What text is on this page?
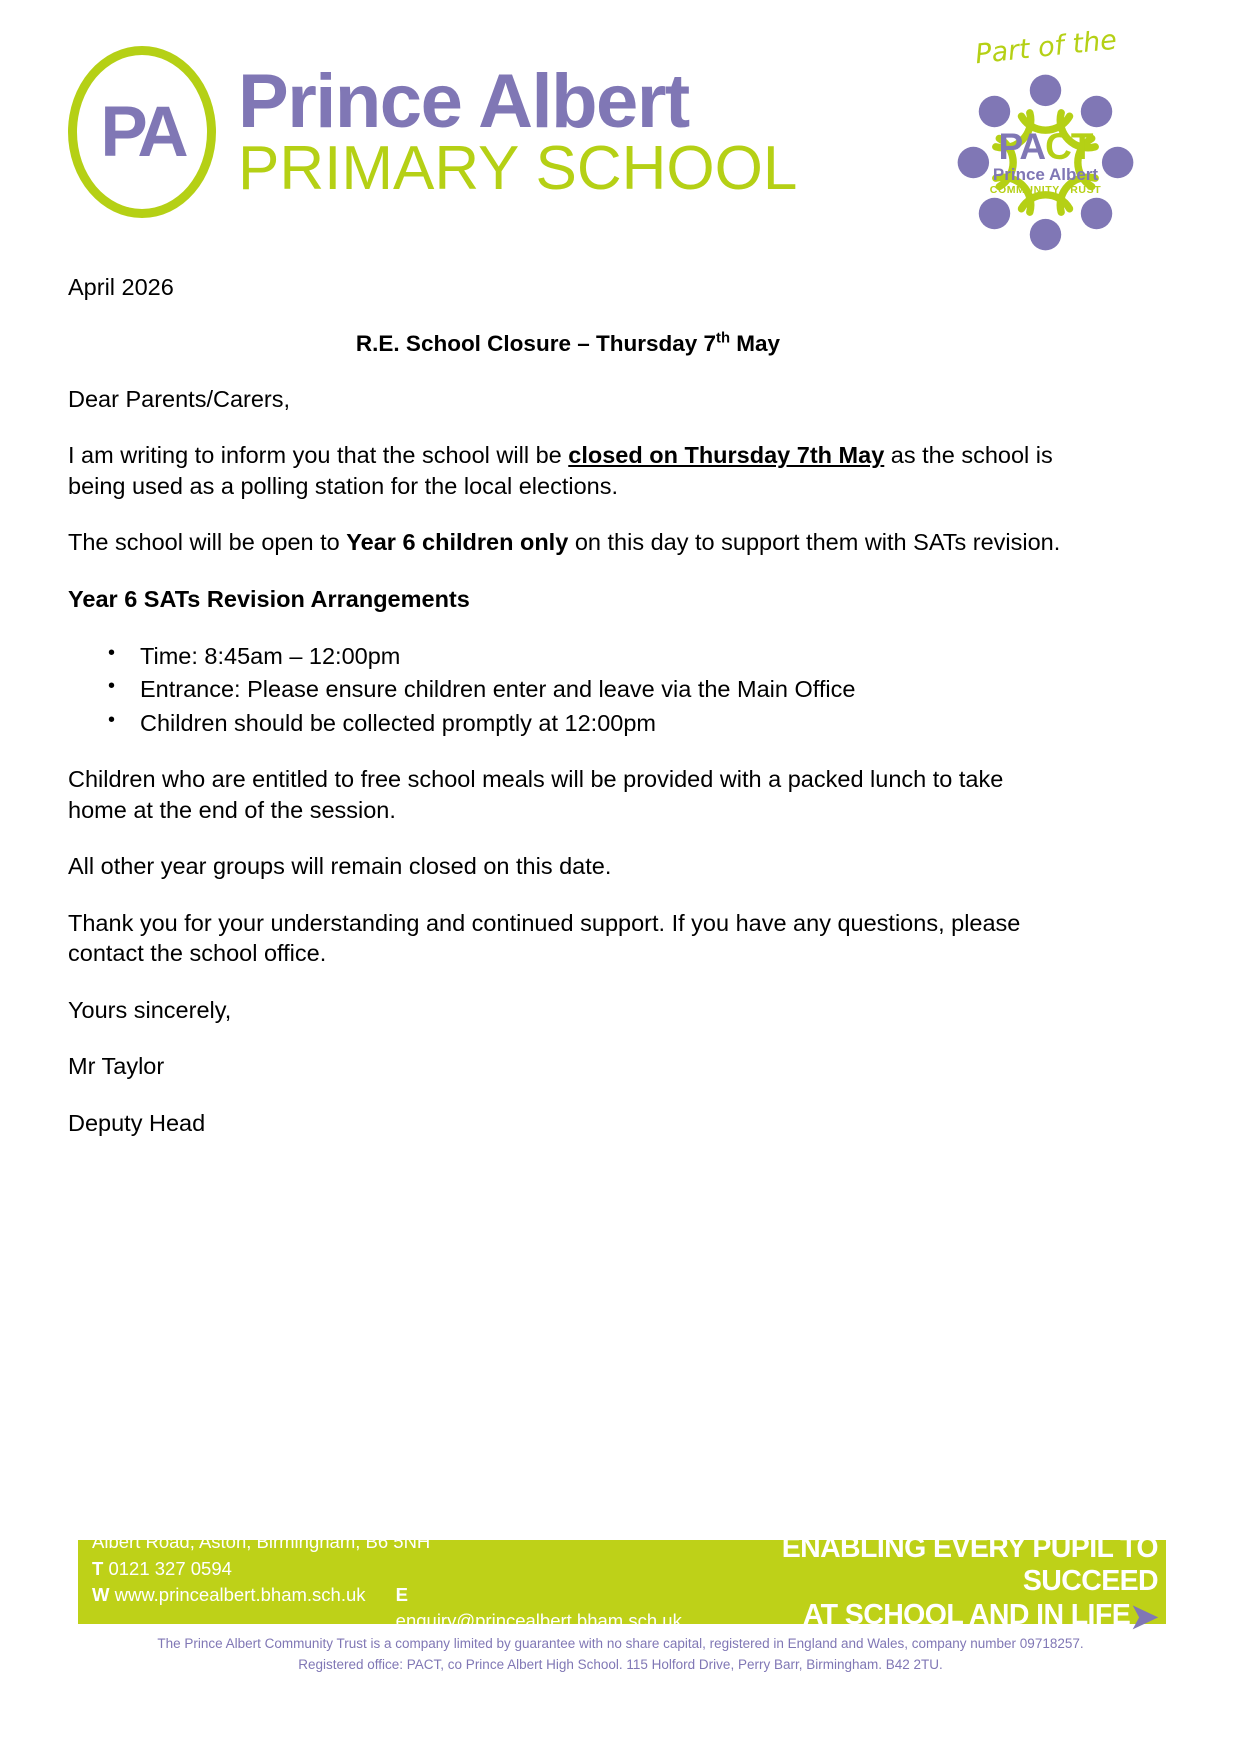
PA Prince Albert
PRIMARY SCHOOL
Part of the
PACT
Prince Albert
COMMUNITY TRUST

April 2026

R.E. School Closure – Thursday 7th May

Dear Parents/Carers,

I am writing to inform you that the school will be closed on Thursday 7th May as the school is being used as a polling station for the local elections.

The school will be open to Year 6 children only on this day to support them with SATs revision.

Year 6 SATs Revision Arrangements

• Time: 8:45am – 12:00pm
• Entrance: Please ensure children enter and leave via the Main Office
• Children should be collected promptly at 12:00pm

Children who are entitled to free school meals will be provided with a packed lunch to take home at the end of the session.

All other year groups will remain closed on this date.

Thank you for your understanding and continued support. If you have any questions, please contact the school office.

Yours sincerely,

Mr Taylor

Deputy Head

Albert Road, Aston, Birmingham, B6 5NH
T 0121 327 0594
W www.princealbert.bham.sch.uk	E enquiry@princealbert.bham.sch.uk
ENABLING EVERY PUPIL TO SUCCEED
AT SCHOOL AND IN LIFE➤
The Prince Albert Community Trust is a company limited by guarantee with no share capital, registered in England and Wales, company number 09718257.
Registered office: PACT, co Prince Albert High School. 115 Holford Drive, Perry Barr, Birmingham. B42 2TU.
